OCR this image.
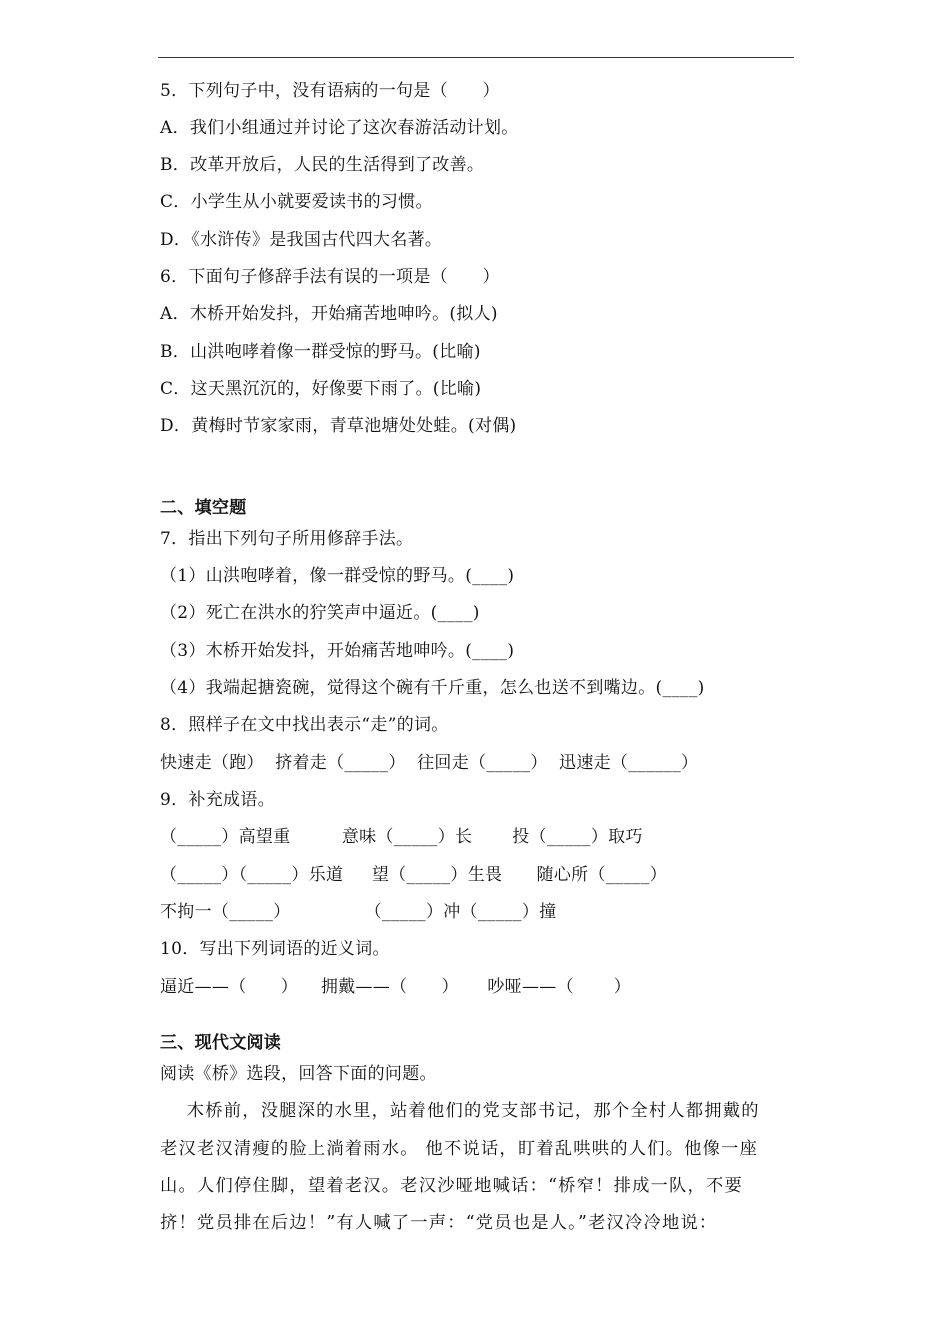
5．下列句子中，没有语病的一句是（　　）
A．我们小组通过并讨论了这次春游活动计划。
B．改革开放后，人民的生活得到了改善。
C．小学生从小就要爱读书的习惯。
D．《水浒传》是我国古代四大名著。
6．下面句子修辞手法有误的一项是（　　）
A．木桥开始发抖，开始痛苦地呻吟。(拟人)
B．山洪咆哮着像一群受惊的野马。(比喻)
C．这天黑沉沉的，好像要下雨了。(比喻)
D．黄梅时节家家雨，青草池塘处处蛙。(对偶)
二、填空题
7．指出下列句子所用修辞手法。
（1）山洪咆哮着，像一群受惊的野马。(____)
（2）死亡在洪水的狞笑声中逼近。(____)
（3）木桥开始发抖，开始痛苦地呻吟。(____)
（4）我端起搪瓷碗，觉得这个碗有千斤重，怎么也送不到嘴边。(____)
8．照样子在文中找出表示“走”的词。
快速走（跑）  挤着走（_____）  往回走（_____）  迅速走（______）
9．补充成语。
（_____）高望重         意味（_____）长       投（_____）取巧
（_____）（_____）乐道     望（_____）生畏      随心所（_____）
不拘一（_____）             （_____）冲（_____）撞
10．写出下列词语的近义词。
逼近——（      ）    拥戴——（      ）     吵哑——（       ）
三、现代文阅读
阅读《桥》选段，回答下面的问题。
木桥前，没腿深的水里，站着他们的党支部书记，那个全村人都拥戴的
老汉老汉清瘦的脸上淌着雨水。 他不说话，盯着乱哄哄的人们。他像一座
山。人们停住脚，望着老汉。老汉沙哑地喊话：“桥窄！排成一队，不要
挤！党员排在后边！”有人喊了一声：“党员也是人。”老汉冷冷地说：
